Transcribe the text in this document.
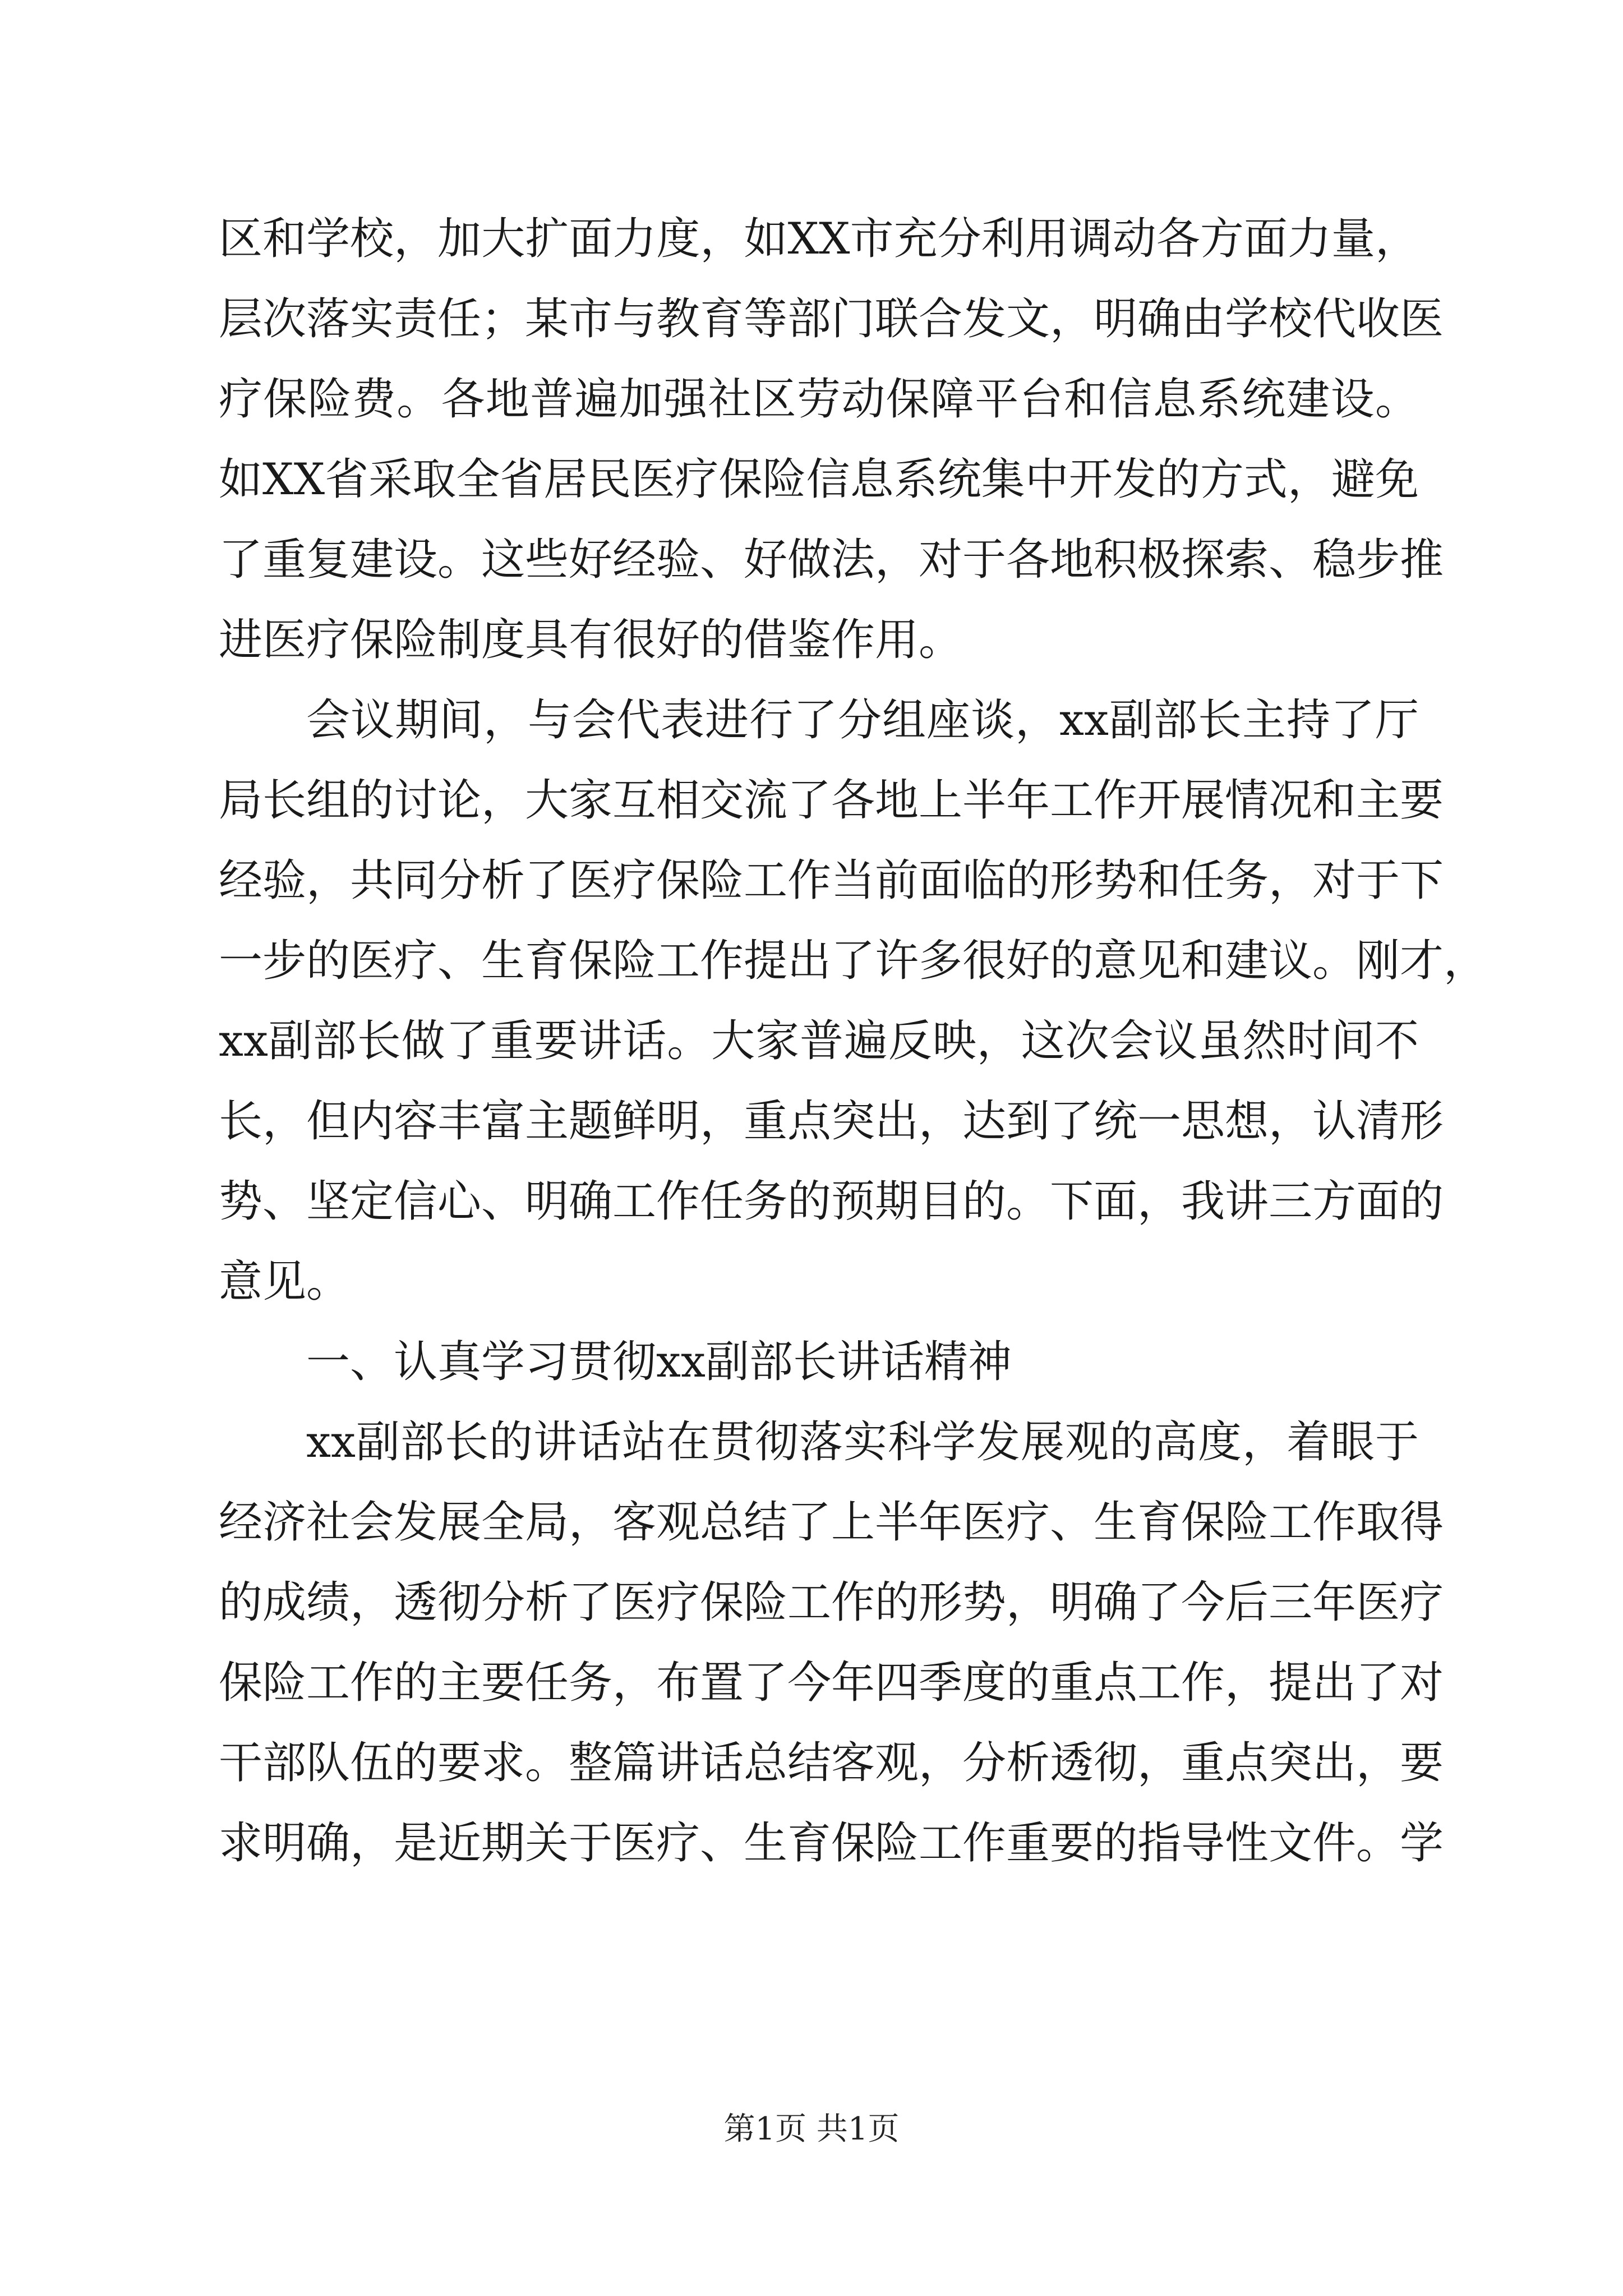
区和学校，加大扩面力度，如XX市充分利用调动各方面力量，
层次落实责任；某市与教育等部门联合发文，明确由学校代收医
疗保险费。各地普遍加强社区劳动保障平台和信息系统建设。
如XX省采取全省居民医疗保险信息系统集中开发的方式，避免
了重复建设。这些好经验、好做法，对于各地积极探索、稳步推
进医疗保险制度具有很好的借鉴作用。
会议期间，与会代表进行了分组座谈，xx副部长主持了厅
局长组的讨论，大家互相交流了各地上半年工作开展情况和主要
经验，共同分析了医疗保险工作当前面临的形势和任务，对于下
一步的医疗、生育保险工作提出了许多很好的意见和建议。刚才，
xx副部长做了重要讲话。大家普遍反映，这次会议虽然时间不
长，但内容丰富主题鲜明，重点突出，达到了统一思想，认清形
势、坚定信心、明确工作任务的预期目的。下面，我讲三方面的
意见。
一、认真学习贯彻xx副部长讲话精神
xx副部长的讲话站在贯彻落实科学发展观的高度，着眼于
经济社会发展全局，客观总结了上半年医疗、生育保险工作取得
的成绩，透彻分析了医疗保险工作的形势，明确了今后三年医疗
保险工作的主要任务，布置了今年四季度的重点工作，提出了对
干部队伍的要求。整篇讲话总结客观，分析透彻，重点突出，要
求明确，是近期关于医疗、生育保险工作重要的指导性文件。学
第1页 共1页
